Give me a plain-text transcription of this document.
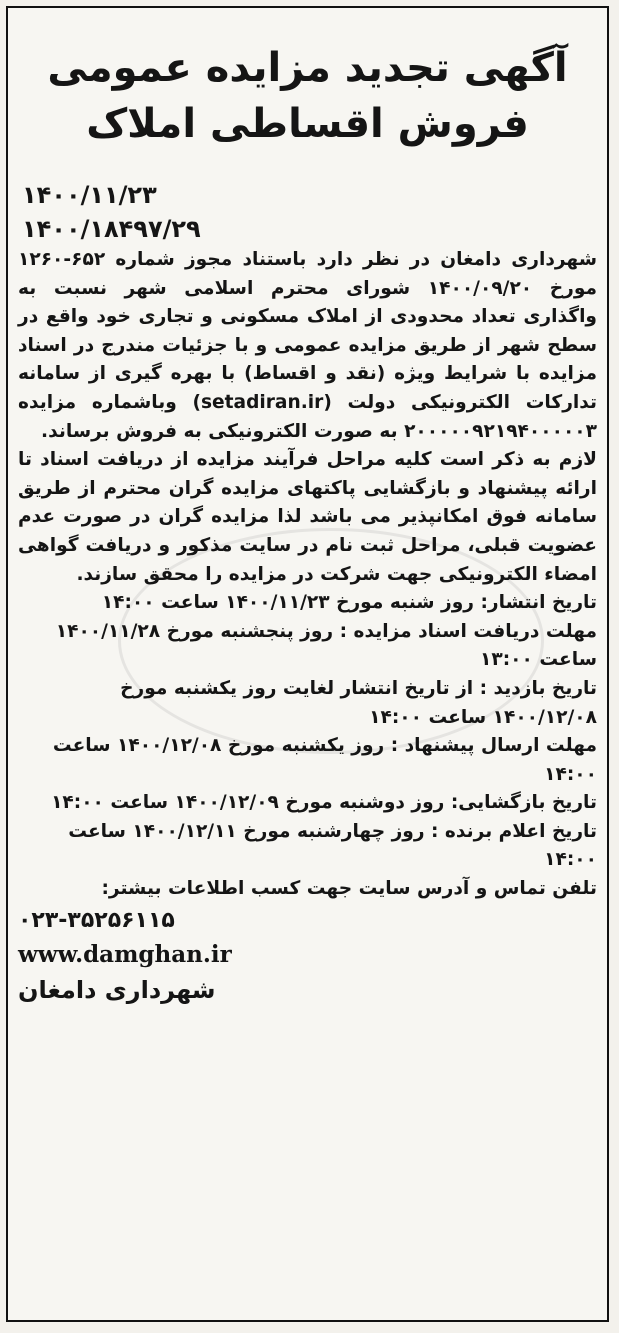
آگهی تجدید مزایده عمومی
فروش اقساطی املاک
۱۴۰۰/۱۱/۲۳
۱۴۰۰/۱۸۴۹۷/۲۹

شهرداری دامغان در نظر دارد باستناد مجوز شماره ۶۵۲-۱۲۶۰ مورخ ۱۴۰۰/۰۹/۲۰ شورای محترم اسلامی شهر نسبت به واگذاری تعداد محدودی از املاک مسکونی و تجاری خود واقع در سطح شهر از طریق مزایده عمومی و با جزئیات مندرج در اسناد مزایده با شرایط ویژه (نقد و اقساط) با بهره گیری از سامانه تدارکات الکترونیکی دولت (setadiran.ir) وباشماره مزایده ۲۰۰۰۰۰۹۲۱۹۴۰۰۰۰۰۳ به صورت الکترونیکی به فروش برساند.

لازم به ذکر است کلیه مراحل فرآیند مزایده از دریافت اسناد تا ارائه پیشنهاد و بازگشایی پاکتهای مزایده گران محترم از طریق سامانه فوق امکانپذیر می باشد لذا مزایده گران در صورت عدم عضویت قبلی، مراحل ثبت نام در سایت مذکور و دریافت گواهی امضاء الکترونیکی جهت شرکت در مزایده را محقق سازند.

تاریخ انتشار: روز شنبه مورخ ۱۴۰۰/۱۱/۲۳ ساعت ۱۴:۰۰

مهلت دریافت اسناد مزایده : روز پنجشنبه مورخ ۱۴۰۰/۱۱/۲۸ ساعت ۱۳:۰۰

تاریخ بازدید : از تاریخ انتشار لغایت روز یکشنبه مورخ ۱۴۰۰/۱۲/۰۸ ساعت ۱۴:۰۰

مهلت ارسال پیشنهاد : روز یکشنبه مورخ ۱۴۰۰/۱۲/۰۸ ساعت ۱۴:۰۰

تاریخ بازگشایی: روز دوشنبه مورخ ۱۴۰۰/۱۲/۰۹ ساعت ۱۴:۰۰

تاریخ اعلام برنده : روز چهارشنبه مورخ ۱۴۰۰/۱۲/۱۱ ساعت ۱۴:۰۰

تلفن تماس و آدرس سایت جهت کسب اطلاعات بیشتر:

۰۲۳-۳۵۲۵۶۱۱۵
www.damghan.ir
شهرداری دامغان
